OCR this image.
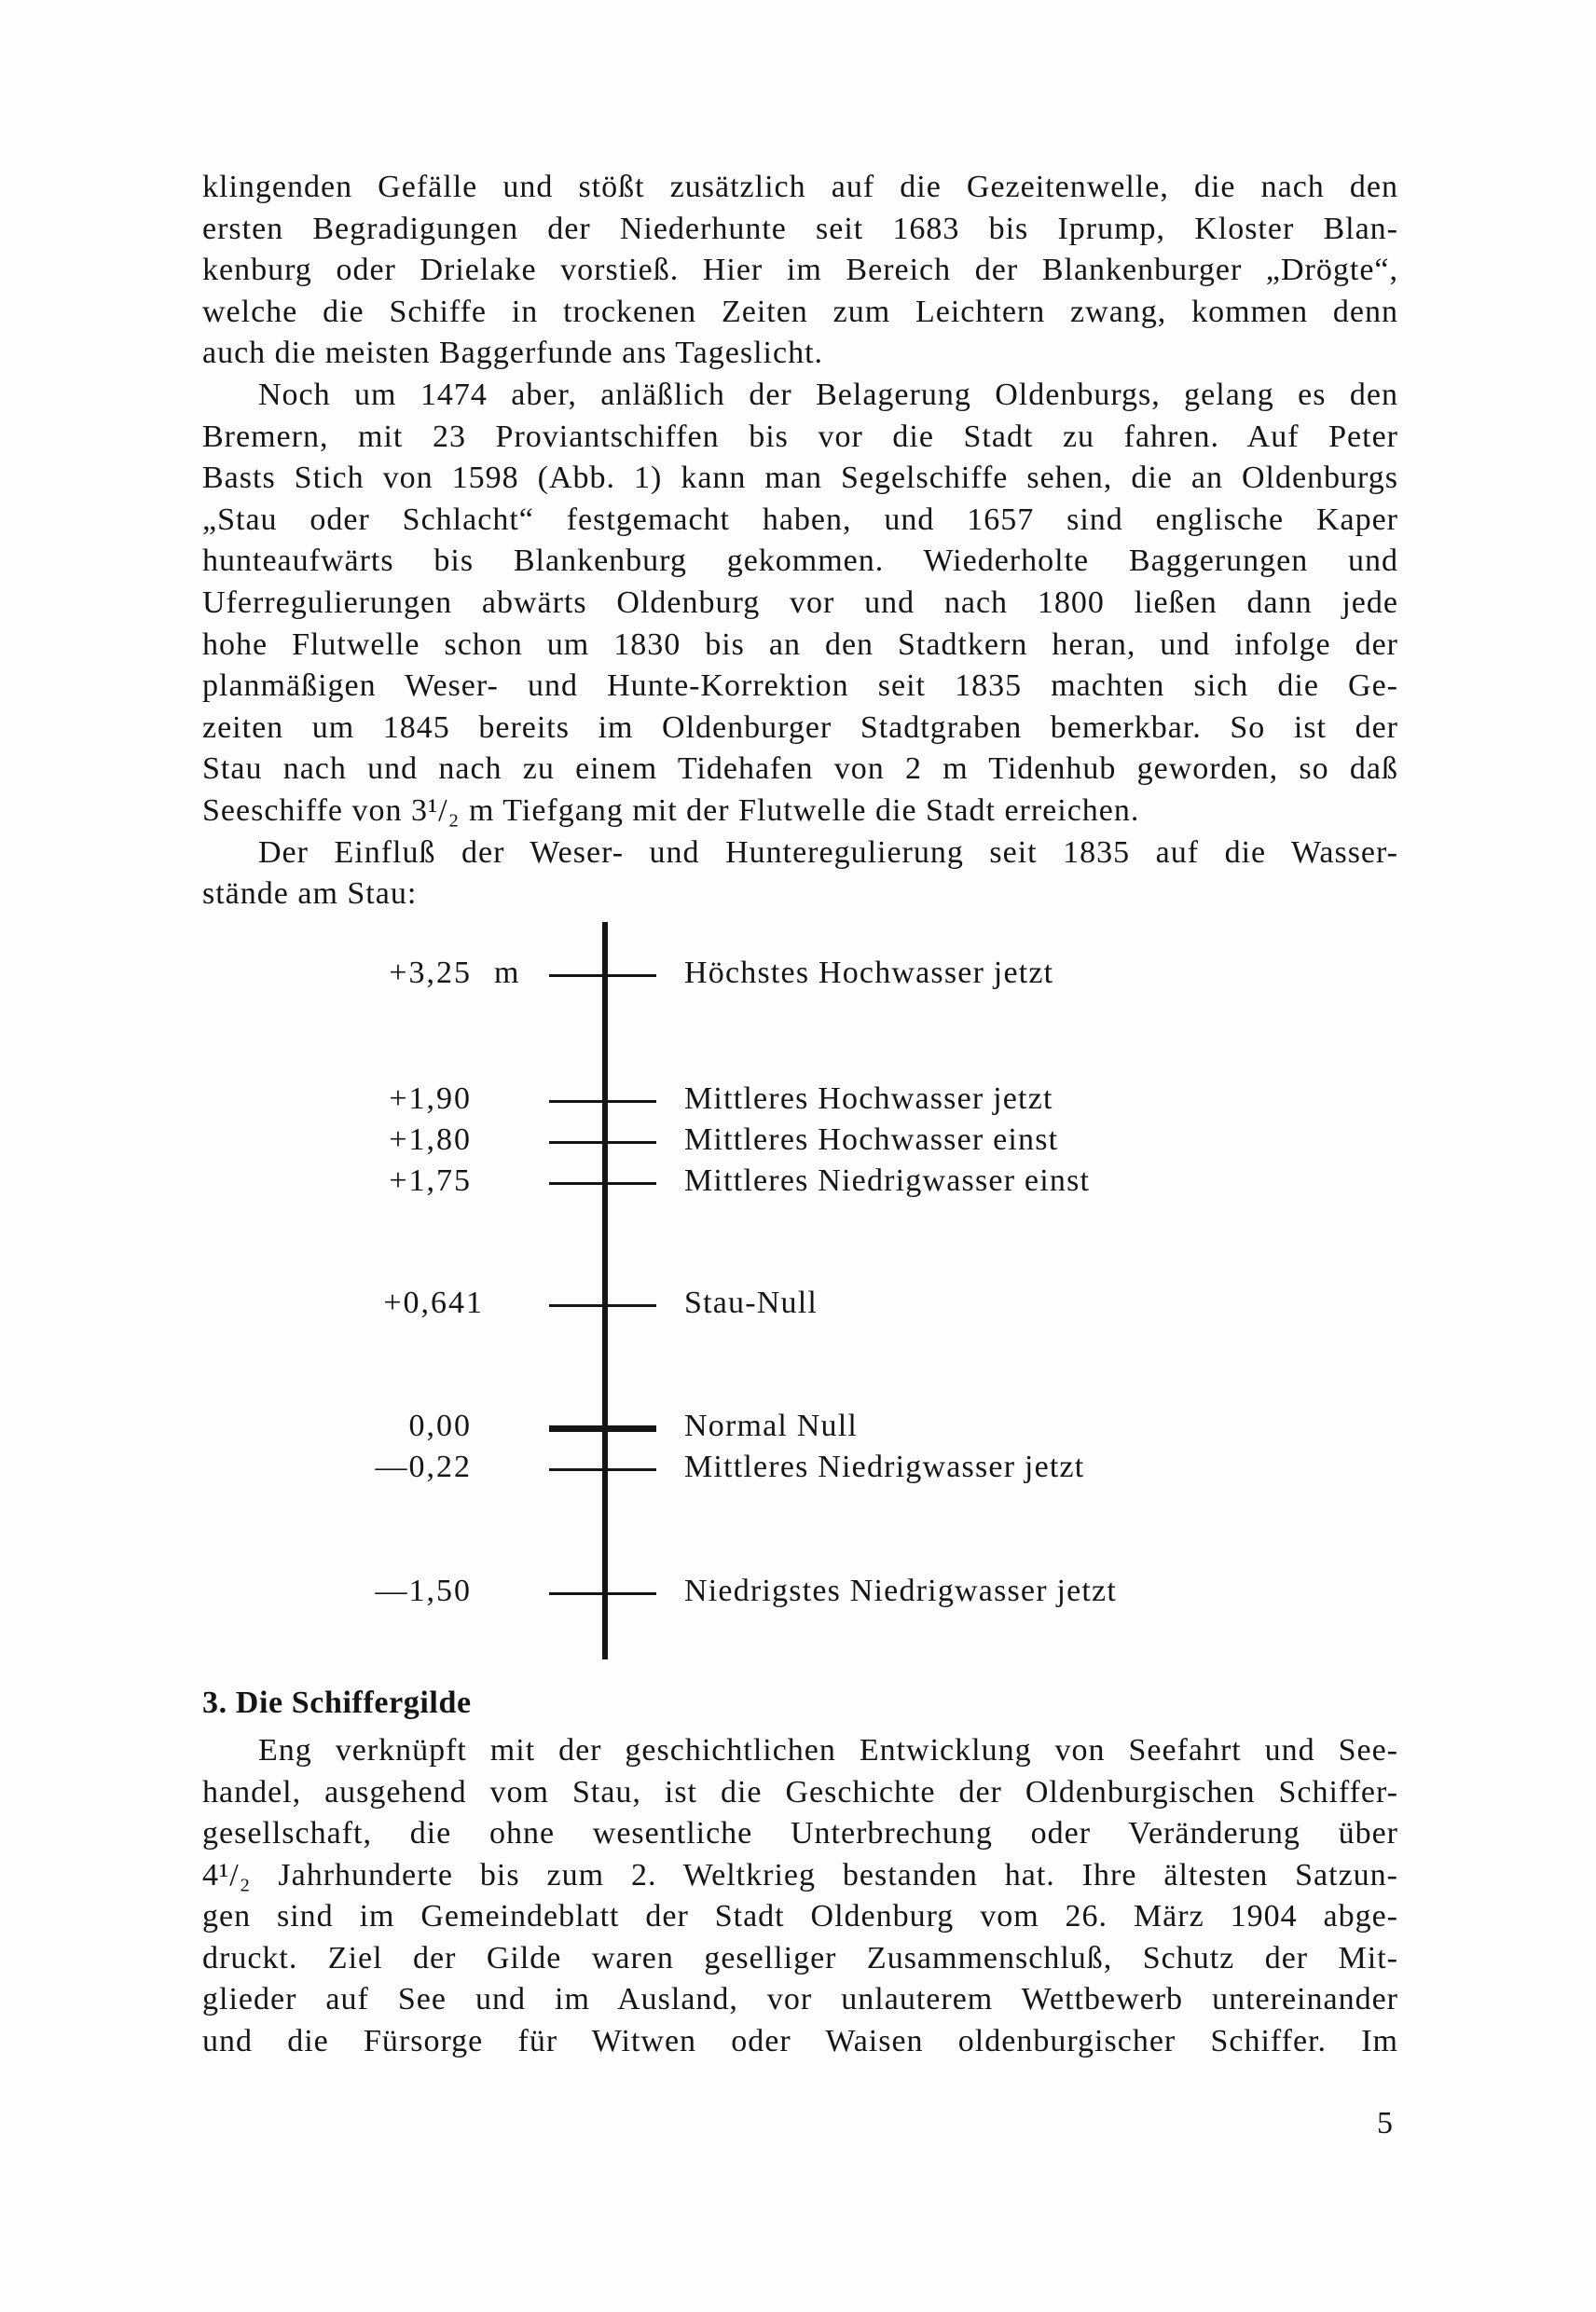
klingenden Gefälle und stößt zusätzlich auf die Gezeitenwelle, die nach den
ersten Begradigungen der Niederhunte seit 1683 bis Iprump, Kloster Blan-
kenburg oder Drielake vorstieß. Hier im Bereich der Blankenburger „Drögte“,
welche die Schiffe in trockenen Zeiten zum Leichtern zwang, kommen denn
auch die meisten Baggerfunde ans Tageslicht.
Noch um 1474 aber, anläßlich der Belagerung Oldenburgs, gelang es den
Bremern, mit 23 Proviantschiffen bis vor die Stadt zu fahren. Auf Peter
Basts Stich von 1598 (Abb. 1) kann man Segelschiffe sehen, die an Oldenburgs
„Stau oder Schlacht“ festgemacht haben, und 1657 sind englische Kaper
hunteaufwärts bis Blankenburg gekommen. Wiederholte Baggerungen und
Uferregulierungen abwärts Oldenburg vor und nach 1800 ließen dann jede
hohe Flutwelle schon um 1830 bis an den Stadtkern heran, und infolge der
planmäßigen Weser- und Hunte-Korrektion seit 1835 machten sich die Ge-
zeiten um 1845 bereits im Oldenburger Stadtgraben bemerkbar. So ist der
Stau nach und nach zu einem Tidehafen von 2 m Tidenhub geworden, so daß
Seeschiffe von 3¹/₂ m Tiefgang mit der Flutwelle die Stadt erreichen.
Der Einfluß der Weser- und Hunteregulierung seit 1835 auf die Wasser-
stände am Stau:
+3,25 m	Höchstes Hochwasser jetzt
+1,90	Mittleres Hochwasser jetzt
+1,80	Mittleres Hochwasser einst
+1,75	Mittleres Niedrigwasser einst
+0,641	Stau-Null
0,00	Normal Null
—0,22	Mittleres Niedrigwasser jetzt
—1,50	Niedrigstes Niedrigwasser jetzt
3. Die Schiffergilde
Eng verknüpft mit der geschichtlichen Entwicklung von Seefahrt und See-
handel, ausgehend vom Stau, ist die Geschichte der Oldenburgischen Schiffer-
gesellschaft, die ohne wesentliche Unterbrechung oder Veränderung über
4¹/₂ Jahrhunderte bis zum 2. Weltkrieg bestanden hat. Ihre ältesten Satzun-
gen sind im Gemeindeblatt der Stadt Oldenburg vom 26. März 1904 abge-
druckt. Ziel der Gilde waren geselliger Zusammenschluß, Schutz der Mit-
glieder auf See und im Ausland, vor unlauterem Wettbewerb untereinander
und die Fürsorge für Witwen oder Waisen oldenburgischer Schiffer. Im
5
